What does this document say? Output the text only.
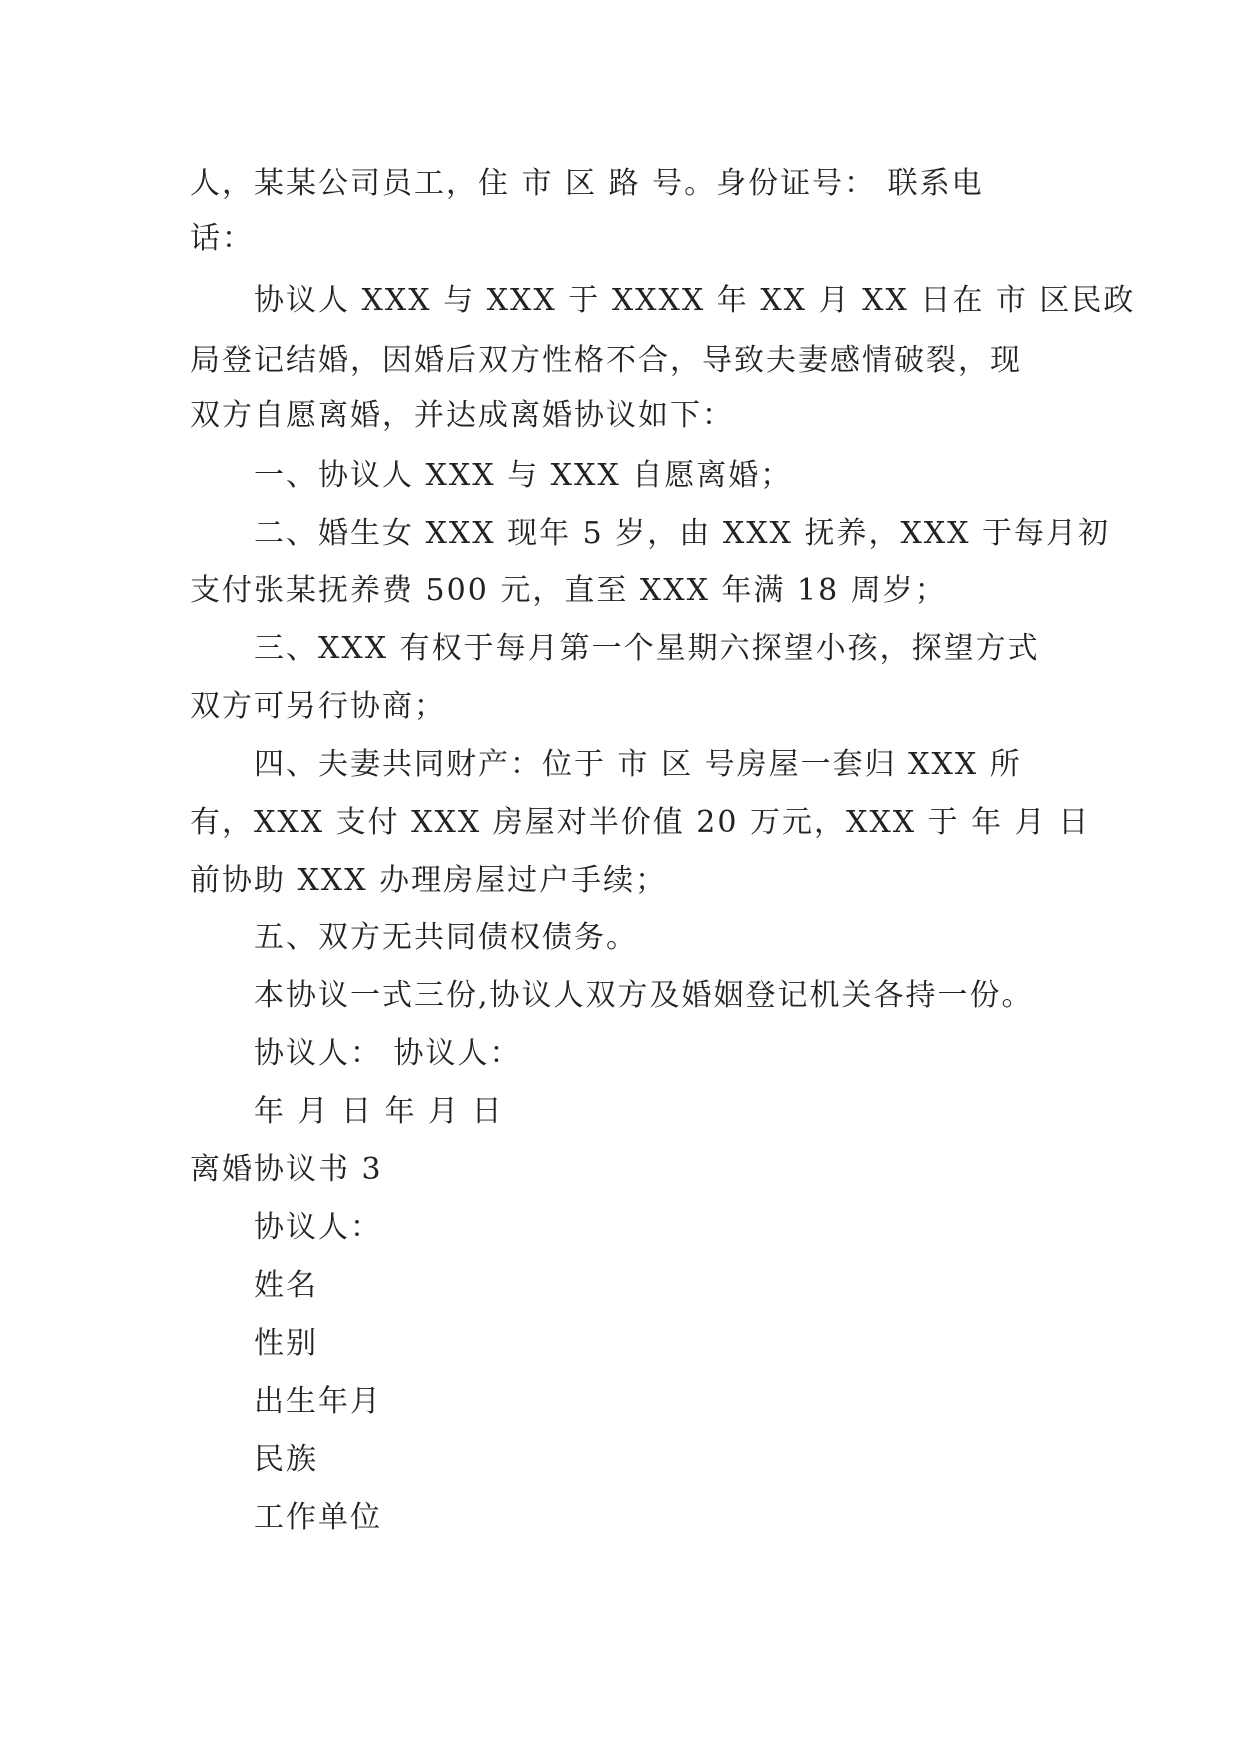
人，某某公司员工，住 市 区 路 号。身份证号： 联系电
话：
协议人 XXX 与 XXX 于 XXXX 年 XX 月 XX 日在 市 区民政
局登记结婚，因婚后双方性格不合，导致夫妻感情破裂，现
双方自愿离婚，并达成离婚协议如下：
一、协议人 XXX 与 XXX 自愿离婚；
二、婚生女 XXX 现年 5 岁，由 XXX 抚养，XXX 于每月初
支付张某抚养费 500 元，直至 XXX 年满 18 周岁；
三、XXX 有权于每月第一个星期六探望小孩，探望方式
双方可另行协商；
四、夫妻共同财产：位于 市 区 号房屋一套归 XXX 所
有，XXX 支付 XXX 房屋对半价值 20 万元，XXX 于 年 月 日
前协助 XXX 办理房屋过户手续；
五、双方无共同债权债务。
本协议一式三份,协议人双方及婚姻登记机关各持一份。
协议人： 协议人：
年 月 日 年 月 日
离婚协议书 3
协议人：
姓名
性别
出生年月
民族
工作单位
